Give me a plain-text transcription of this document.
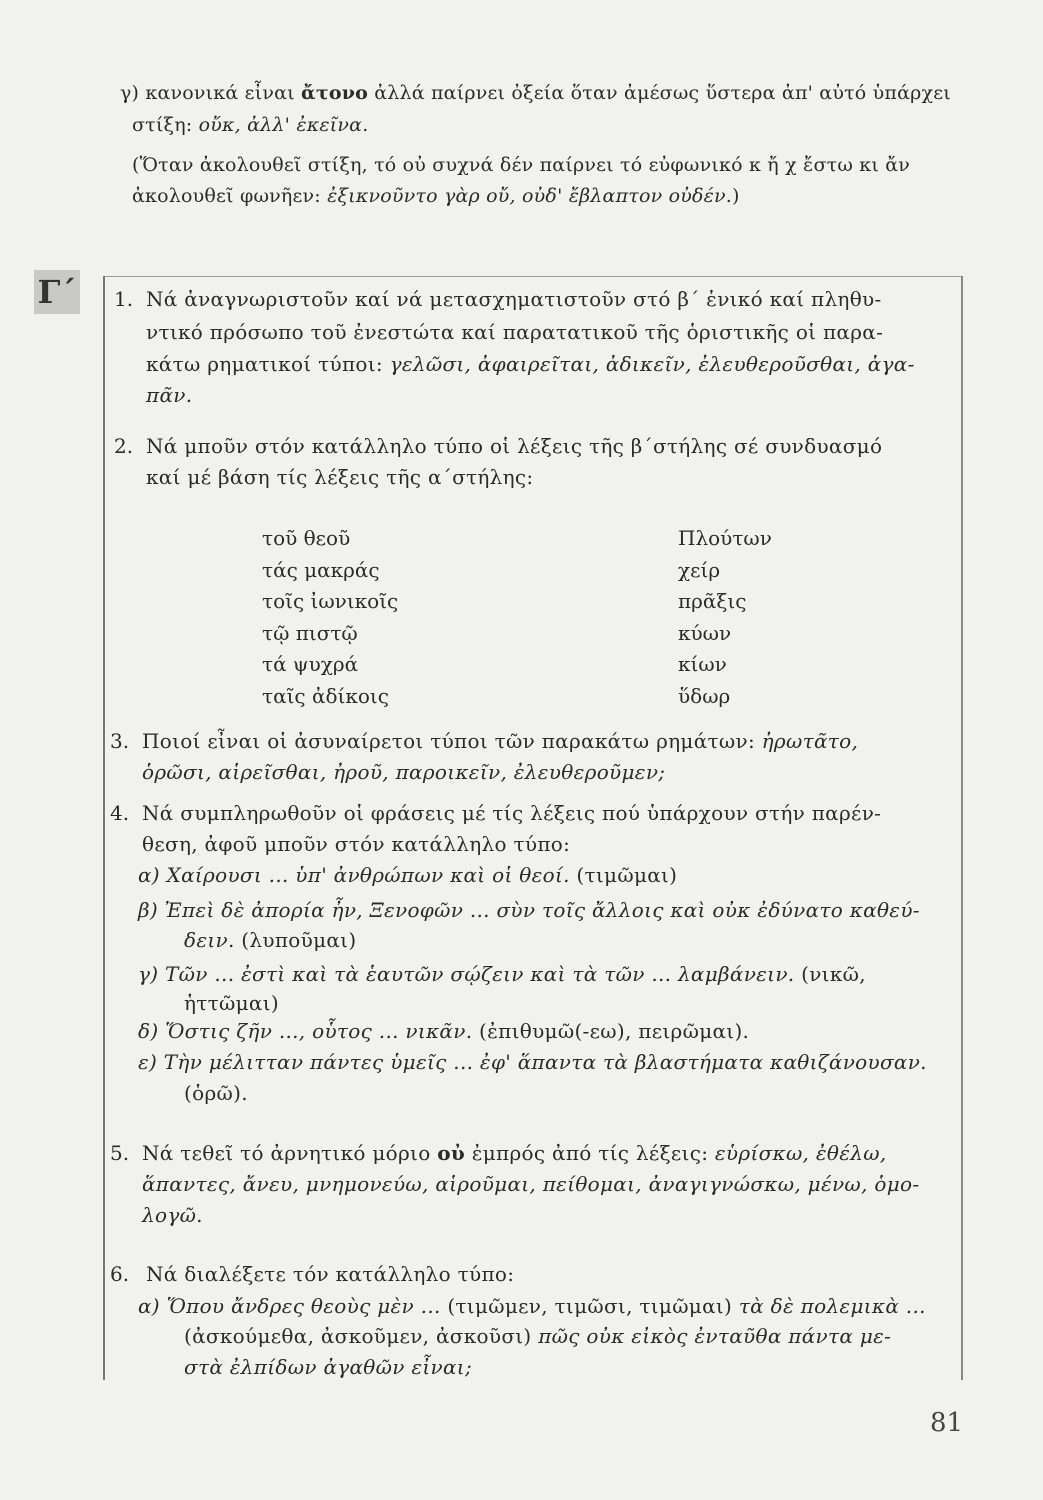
γ) κανονικά εἶναι ἄτονο ἀλλά παίρνει ὀξεία ὅταν ἀμέσως ὕστερα ἀπ' αὐτό ὑπάρχει
στίξη: οὔκ, ἀλλ' ἐκεῖνα.
(Ὅταν ἀκολουθεῖ στίξη, τό οὐ συχνά δέν παίρνει τό εὐφωνικό κ ἤ χ ἔστω κι ἄν
ἀκολουθεῖ φωνῆεν: ἐξικνοῦντο γὰρ οὔ, οὐδ' ἔβλαπτον οὐδέν.)
Γ΄ 1. Νά ἀναγνωριστοῦν καί νά μετασχηματιστοῦν στό β΄ ἑνικό καί πληθυ-
ντικό πρόσωπο τοῦ ἐνεστώτα καί παρατατικοῦ τῆς ὁριστικῆς οἱ παρα-
κάτω ρηματικοί τύποι: γελῶσι, ἀφαιρεῖται, ἀδικεῖν, ἐλευθεροῦσθαι, ἀγα-
πᾶν.
2. Νά μποῦν στόν κατάλληλο τύπο οἱ λέξεις τῆς β΄στήλης σέ συνδυασμό
καί μέ βάση τίς λέξεις τῆς α΄στήλης:
τοῦ θεοῦ
τάς μακράς
τοῖς ἰωνικοῖς
τῷ πιστῷ
τά ψυχρά
ταῖς ἀδίκοις
Πλούτων
χείρ
πρᾶξις
κύων
κίων
ὕδωρ
3. Ποιοί εἶναι οἱ ἀσυναίρετοι τύποι τῶν παρακάτω ρημάτων: ἠρωτᾶτο,
ὁρῶσι, αἱρεῖσθαι, ἠροῦ, παροικεῖν, ἐλευθεροῦμεν;
4. Νά συμπληρωθοῦν οἱ φράσεις μέ τίς λέξεις πού ὑπάρχουν στήν παρέν-
θεση, ἀφοῦ μποῦν στόν κατάλληλο τύπο:
α) Χαίρουσι ... ὑπ' ἀνθρώπων καὶ οἱ θεοί. (τιμῶμαι)
β) Ἐπεὶ δὲ ἀπορία ἦν, Ξενοφῶν ... σὺν τοῖς ἄλλοις καὶ οὐκ ἐδύνατο καθεύ-
δειν. (λυποῦμαι)
γ) Τῶν ... ἐστὶ καὶ τὰ ἑαυτῶν σῴζειν καὶ τὰ τῶν ... λαμβάνειν. (νικῶ,
ἡττῶμαι)
δ) Ὅστις ζῆν ..., οὗτος ... νικᾶν. (ἐπιθυμῶ(-εω), πειρῶμαι).
ε) Τὴν μέλιτταν πάντες ὑμεῖς ... ἐφ' ἅπαντα τὰ βλαστήματα καθιζάνουσαν.
(ὁρῶ).
5. Νά τεθεῖ τό ἀρνητικό μόριο οὐ ἐμπρός ἀπό τίς λέξεις: εὑρίσκω, ἐθέλω,
ἅπαντες, ἄνευ, μνημονεύω, αἱροῦμαι, πείθομαι, ἀναγιγνώσκω, μένω, ὁμο-
λογῶ.
6. Νά διαλέξετε τόν κατάλληλο τύπο:
α) Ὅπου ἄνδρες θεοὺς μὲν ... (τιμῶμεν, τιμῶσι, τιμῶμαι) τὰ δὲ πολεμικὰ ...
(ἀσκούμεθα, ἀσκοῦμεν, ἀσκοῦσι) πῶς οὐκ εἰκὸς ἐνταῦθα πάντα με-
στὰ ἐλπίδων ἀγαθῶν εἶναι;
81
